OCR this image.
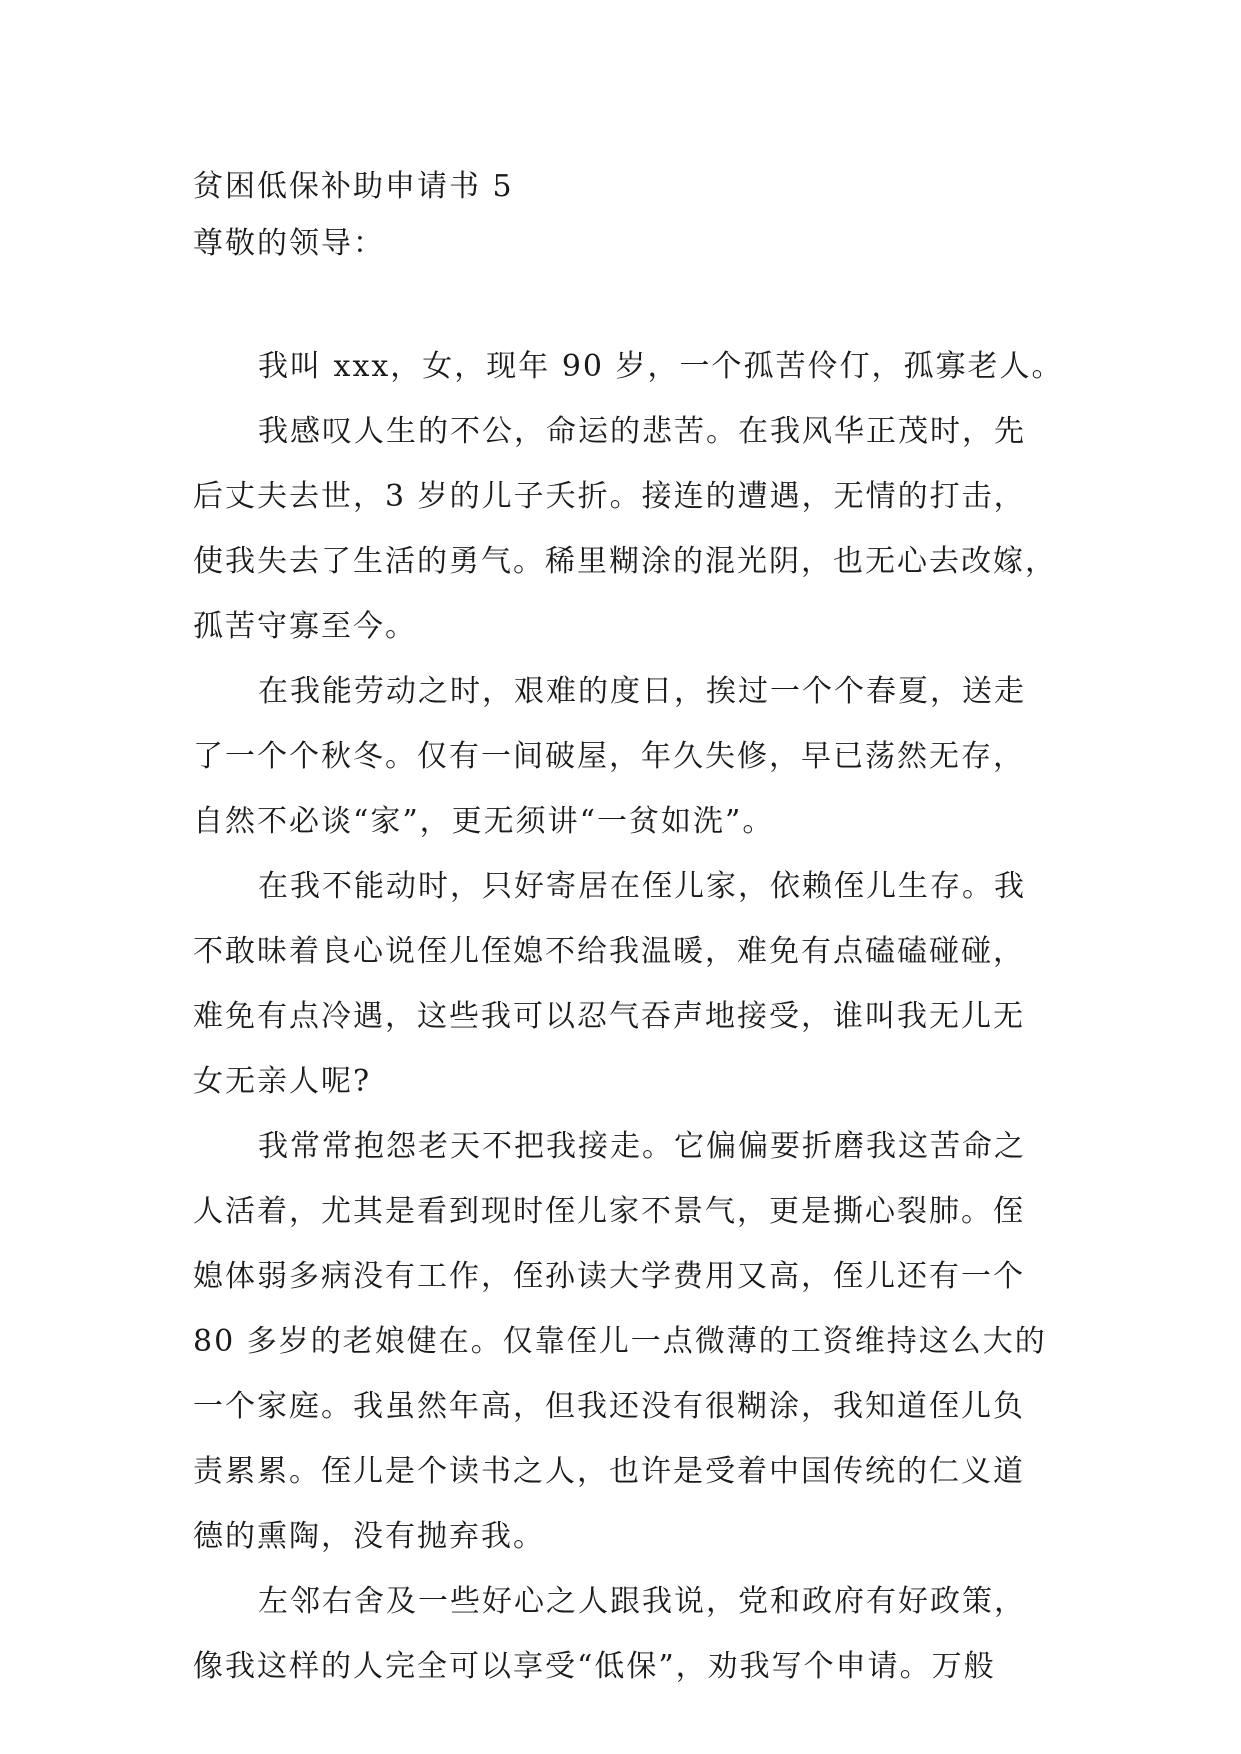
贫困低保补助申请书 5
尊敬的领导：
我叫 xxx，女，现年 90 岁，一个孤苦伶仃，孤寡老人。
我感叹人生的不公，命运的悲苦。在我风华正茂时，先
后丈夫去世，3 岁的儿子夭折。接连的遭遇，无情的打击，
使我失去了生活的勇气。稀里糊涂的混光阴，也无心去改嫁，
孤苦守寡至今。
在我能劳动之时，艰难的度日，挨过一个个春夏，送走
了一个个秋冬。仅有一间破屋，年久失修，早已荡然无存，
自然不必谈“家”，更无须讲“一贫如洗”。
在我不能动时，只好寄居在侄儿家，依赖侄儿生存。我
不敢昧着良心说侄儿侄媳不给我温暖，难免有点磕磕碰碰，
难免有点冷遇，这些我可以忍气吞声地接受，谁叫我无儿无
女无亲人呢?
我常常抱怨老天不把我接走。它偏偏要折磨我这苦命之
人活着，尤其是看到现时侄儿家不景气，更是撕心裂肺。侄
媳体弱多病没有工作，侄孙读大学费用又高，侄儿还有一个
80 多岁的老娘健在。仅靠侄儿一点微薄的工资维持这么大的
一个家庭。我虽然年高，但我还没有很糊涂，我知道侄儿负
责累累。侄儿是个读书之人，也许是受着中国传统的仁义道
德的熏陶，没有抛弃我。
左邻右舍及一些好心之人跟我说，党和政府有好政策，
像我这样的人完全可以享受“低保”，劝我写个申请。万般
